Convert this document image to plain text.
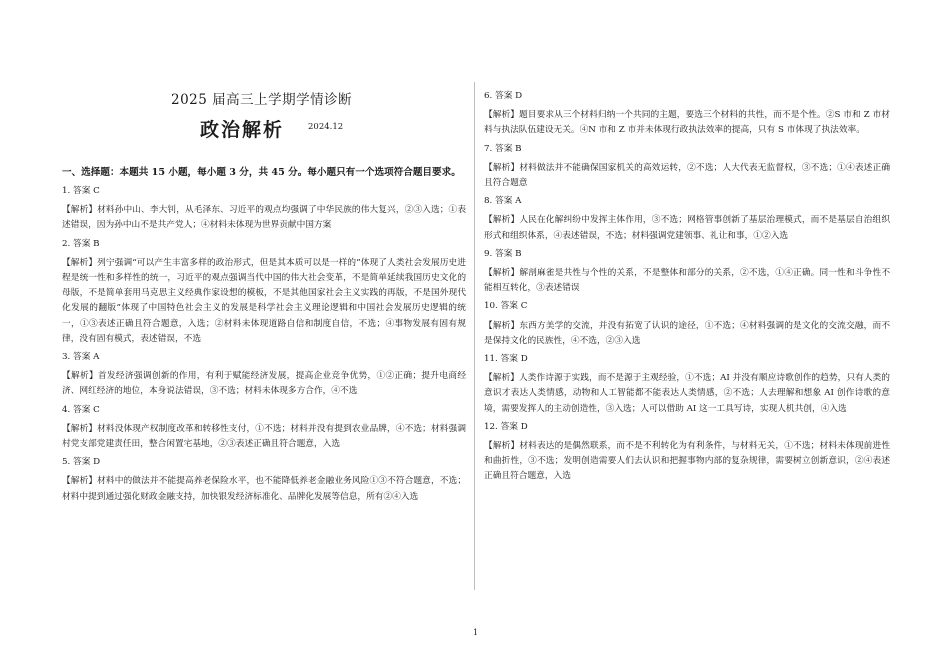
2025 届高三上学期学情诊断
政治解析	2024.12
一、选择题：本题共 15 小题，每小题 3 分，共 45 分。每小题只有一个选项符合题目要求。
1. 答案 C
【解析】材料孙中山、李大钊，从毛泽东、习近平的观点均强调了中华民族的伟大复兴，②③入选；①表述错误，因为孙中山不是共产党人；④材料未体现为世界贡献中国方案
2. 答案 B
【解析】列宁强调“可以产生丰富多样的政治形式，但是其本质可以是一样的”体现了人类社会发展历史进程是统一性和多样性的统一，习近平的观点强调当代中国的伟大社会变革，不是简单延续我国历史文化的母版，不是简单套用马克思主义经典作家设想的模板，不是其他国家社会主义实践的再版，不是国外现代化发展的翻版”体现了中国特色社会主义的发展是科学社会主义理论逻辑和中国社会发展历史逻辑的统一，①③表述正确且符合题意，入选；②材料未体现道路自信和制度自信，不选；④事物发展有固有规律，没有固有模式，表述错误，不选
3. 答案 A
【解析】首发经济强调创新的作用，有利于赋能经济发展，提高企业竞争优势，①②正确；提升电商经济、网红经济的地位，本身说法错误，③不选；材料未体现多方合作，④不选
4. 答案 C
【解析】材料没体现产权制度改革和转移性支付，①不选；材料并没有提到农业品牌，④不选；材料强调村党支部党建责任田，整合闲置宅基地，②③表述正确且符合题意，入选
5. 答案 D
【解析】材料中的做法并不能提高养老保险水平，也不能降低养老金融业务风险①③不符合题意，不选；材料中提到通过强化财政金融支持，加快银发经济标准化、品牌化发展等信息，所有②④入选
6. 答案 D
【解析】题目要求从三个材料归纳一个共同的主题，要选三个材料的共性，而不是个性。②S 市和 Z 市材料与执法队伍建设无关。④N 市和 Z 市并未体现行政执法效率的提高，只有 S 市体现了执法效率。
7. 答案 B
【解析】材料做法并不能确保国家机关的高效运转，②不选；人大代表无监督权，③不选；①④表述正确且符合题意
8. 答案 A
【解析】人民在化解纠纷中发挥主体作用，③不选；网格管事创新了基层治理模式，而不是基层自治组织形式和组织体系，④表述错误，不选；材料强调党建领事、礼让和事，①②入选
9. 答案 B
【解析】解剖麻雀是共性与个性的关系，不是整体和部分的关系，②不选，①④正确。同一性和斗争性不能相互转化，③表述错误
10. 答案 C
【解析】东西方美学的交流，并没有拓宽了认识的途径，①不选；④材料强调的是文化的交流交融，而不是保持文化的民族性，④不选，②③入选
11. 答案 D
【解析】人类作诗源于实践，而不是源于主观经验，①不选；AI 并没有顺应诗歌创作的趋势，只有人类的意识才表达人类情感，动物和人工智能都不能表达人类情感，②不选；人去理解和想象 AI 创作诗歌的意境，需要发挥人的主动创造性，③入选；人可以借助 AI 这一工具写诗，实现人机共创，④入选
12. 答案 D
【解析】材料表达的是偶然联系，而不是不利转化为有利条件，与材料无关，①不选；材料未体现前进性和曲折性，③不选；发明创造需要人们去认识和把握事物内部的复杂规律，需要树立创新意识，②④表述正确且符合题意，入选
1
